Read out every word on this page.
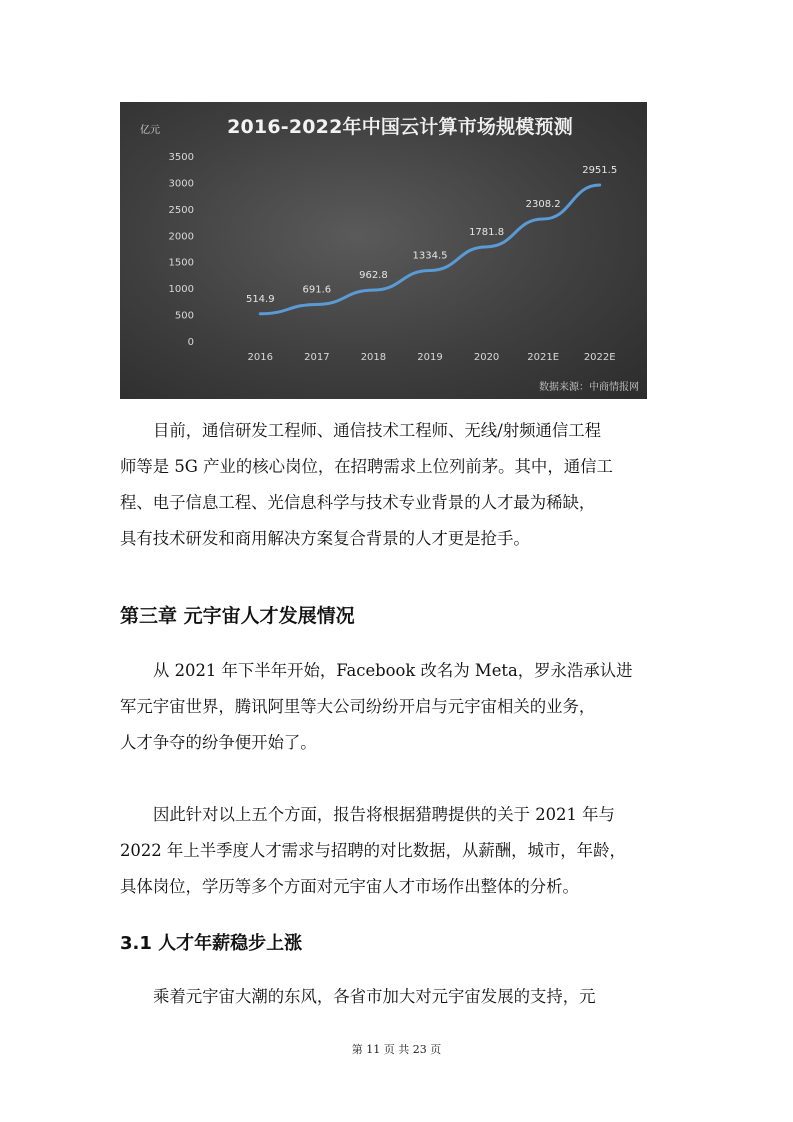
0
500
1000
1500
2000
2500
3000
3500
2016	2017	2018	2019	2020	2021E 2022E
514.9
691.6
962.8
1334.5
1781.8
2308.2
2951.5
亿元	2016-2022年中国云计算市场规模预测
数据来源：中商情报网

目前，通信研发工程师、通信技术工程师、无线/射频通信工程
师等是 5G 产业的核心岗位，在招聘需求上位列前茅。其中，通信工
程、电子信息工程、光信息科学与技术专业背景的人才最为稀缺，
具有技术研发和商用解决方案复合背景的人才更是抢手。

第三章 元宇宙人才发展情况

从 2021 年下半年开始，Facebook 改名为 Meta，罗永浩承认进
军元宇宙世界，腾讯阿里等大公司纷纷开启与元宇宙相关的业务，
人才争夺的纷争便开始了。

因此针对以上五个方面，报告将根据猎聘提供的关于 2021 年与
2022 年上半季度人才需求与招聘的对比数据，从薪酬，城市，年龄，
具体岗位，学历等多个方面对元宇宙人才市场作出整体的分析。

3.1 人才年薪稳步上涨

乘着元宇宙大潮的东风，各省市加大对元宇宙发展的支持，元

第 11 页 共 23 页
